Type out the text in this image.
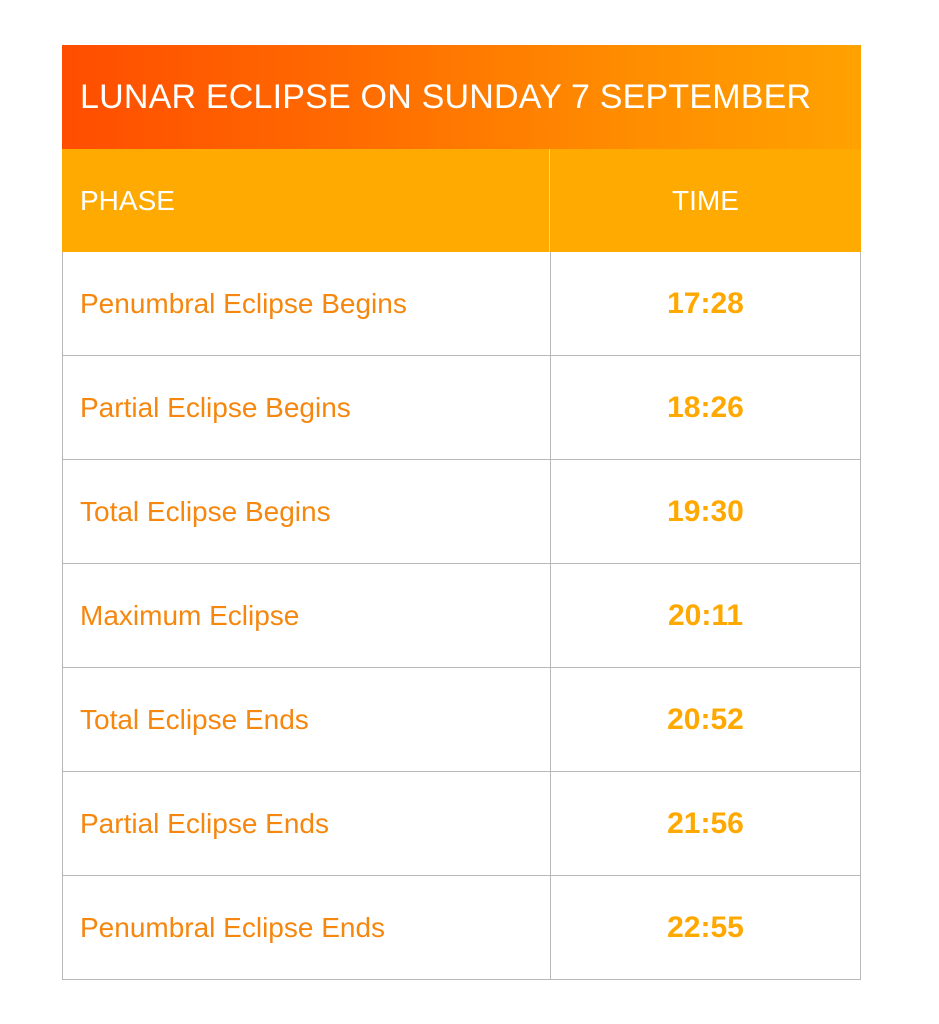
LUNAR ECLIPSE ON SUNDAY 7 SEPTEMBER
PHASE	TIME
Penumbral Eclipse Begins	17:28
Partial Eclipse Begins	18:26
Total Eclipse Begins	19:30
Maximum Eclipse	20:11
Total Eclipse Ends	20:52
Partial Eclipse Ends	21:56
Penumbral Eclipse Ends	22:55
